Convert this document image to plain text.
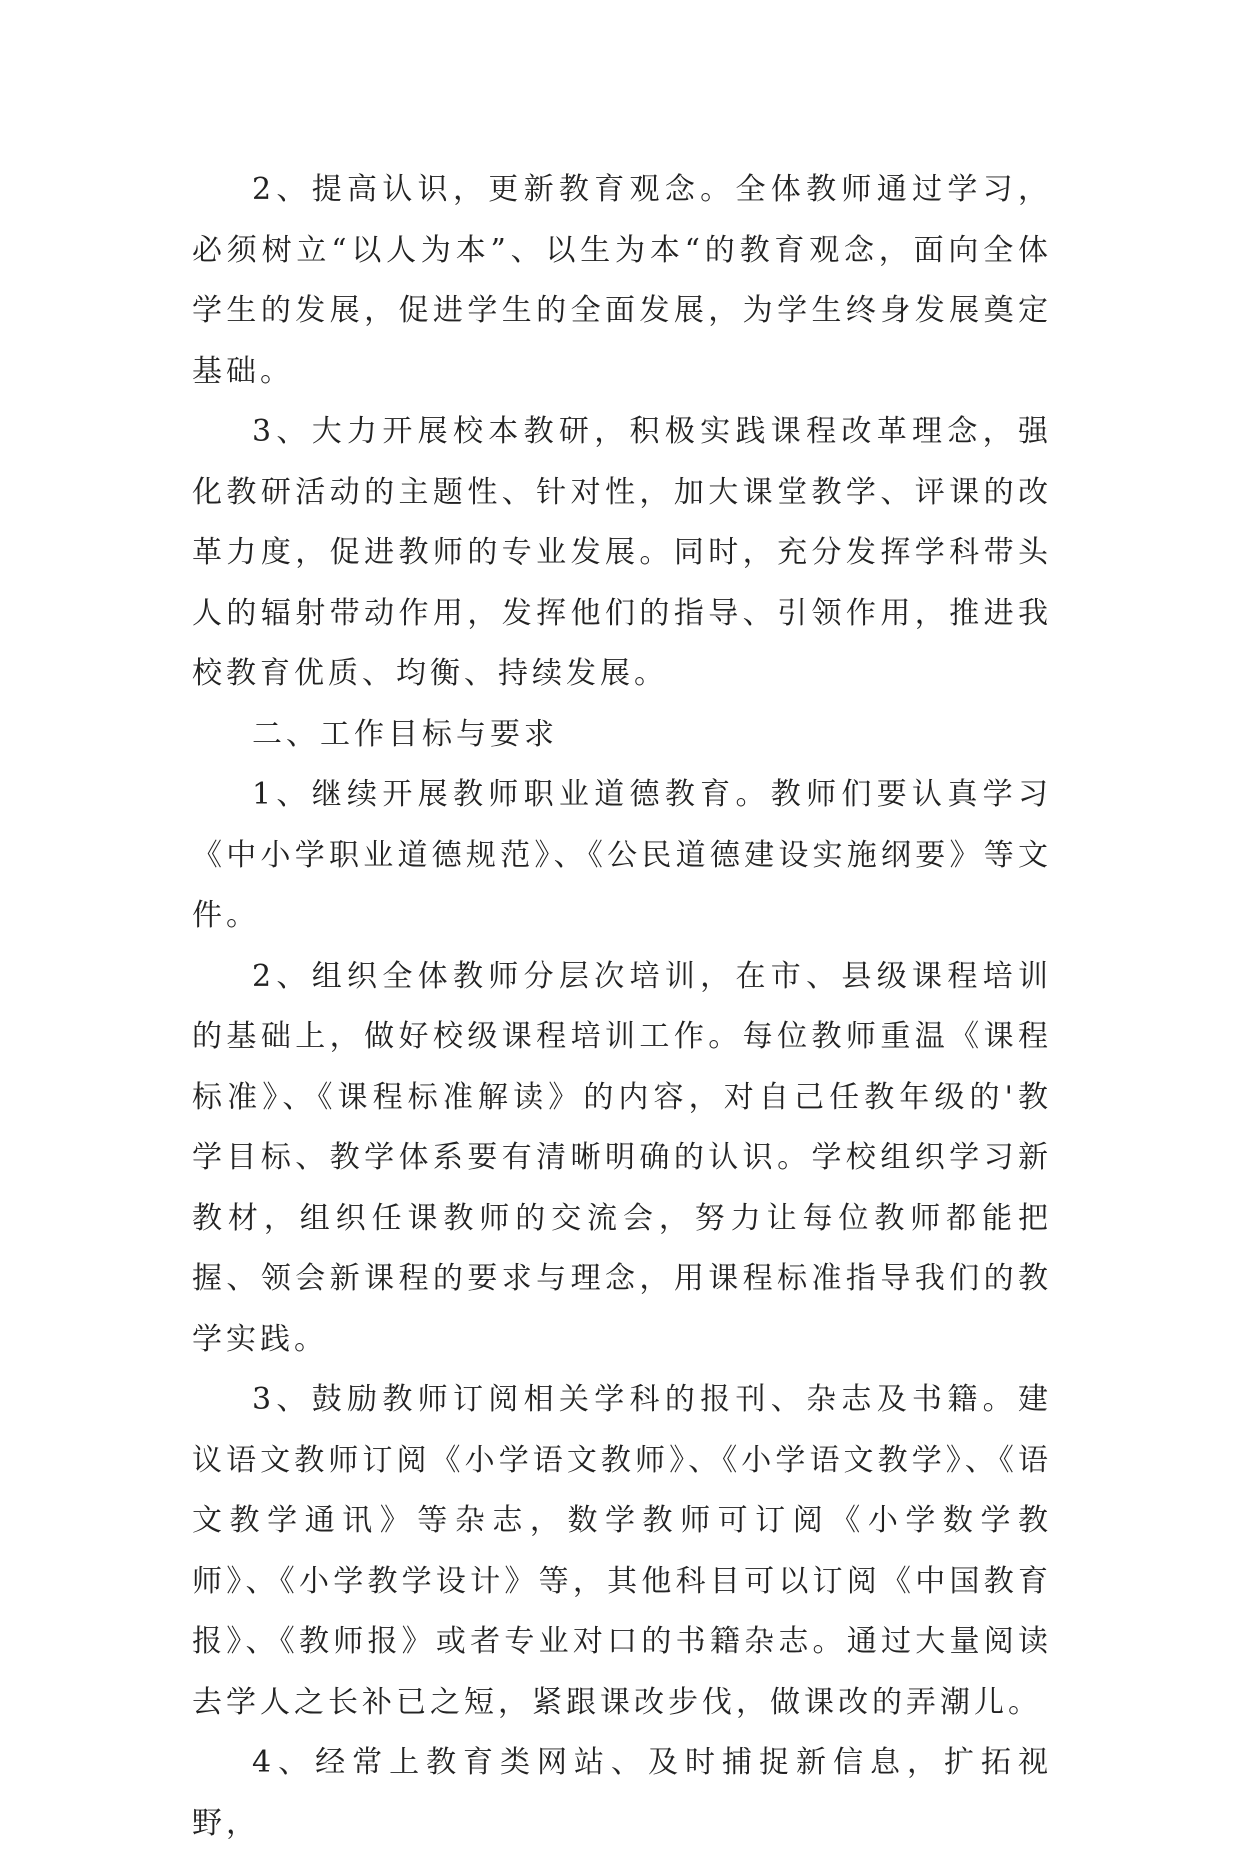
2、提高认识，更新教育观念。全体教师通过学习，必须树立“以人为本”、以生为本“的教育观念，面向全体学生的发展，促进学生的全面发展，为学生终身发展奠定基础。

3、大力开展校本教研，积极实践课程改革理念，强化教研活动的主题性、针对性，加大课堂教学、评课的改革力度，促进教师的专业发展。同时，充分发挥学科带头人的辐射带动作用，发挥他们的指导、引领作用，推进我校教育优质、均衡、持续发展。

二、工作目标与要求

1、继续开展教师职业道德教育。教师们要认真学习《中小学职业道德规范》、《公民道德建设实施纲要》等文件。

2、组织全体教师分层次培训，在市、县级课程培训的基础上，做好校级课程培训工作。每位教师重温《课程标准》、《课程标准解读》的内容，对自己任教年级的'教学目标、教学体系要有清晰明确的认识。学校组织学习新教材，组织任课教师的交流会，努力让每位教师都能把握、领会新课程的要求与理念，用课程标准指导我们的教学实践。

3、鼓励教师订阅相关学科的报刊、杂志及书籍。建议语文教师订阅《小学语文教师》、《小学语文教学》、《语文教学通讯》等杂志，数学教师可订阅《小学数学教师》、《小学教学设计》等，其他科目可以订阅《中国教育报》、《教师报》或者专业对口的书籍杂志。通过大量阅读去学人之长补已之短，紧跟课改步伐，做课改的弄潮儿。

4、经常上教育类网站、及时捕捉新信息，扩拓视野，
